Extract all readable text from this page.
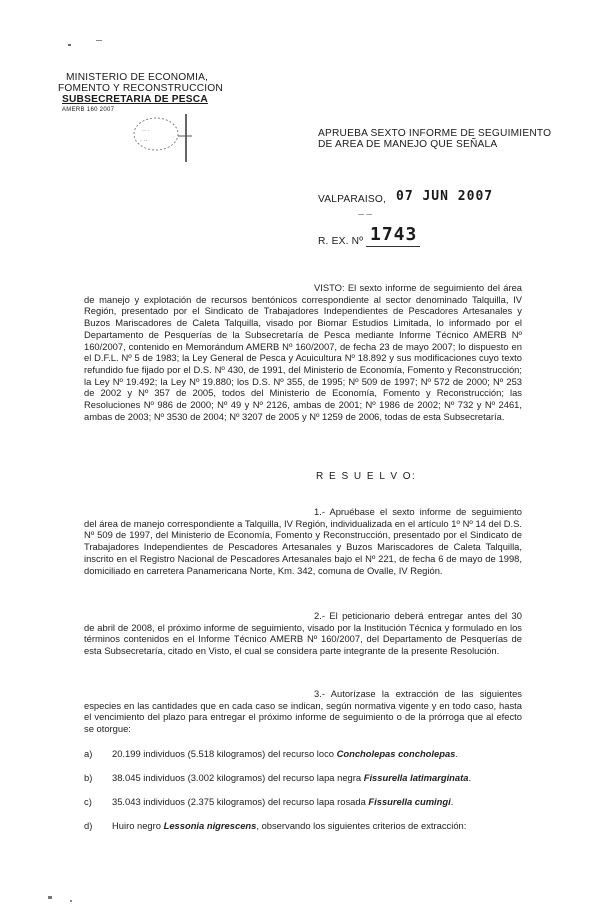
MINISTERIO DE ECONOMIA,
FOMENTO Y RECONSTRUCCION
SUBSECRETARIA DE PESCA
AMERB 160 2007
·· ·
· ··
APRUEBA SEXTO INFORME DE SEGUIMIENTO
DE AREA DE MANEJO QUE SEÑALA
VALPARAISO, 07 JUN 2007
— —
R. EX. Nº 1743

VISTO: El sexto informe de seguimiento del área de manejo y explotación de recursos bentónicos correspondiente al sector denominado Talquilla, IV Región, presentado por el Sindicato de Trabajadores Independientes de Pescadores Artesanales y Buzos Mariscadores de Caleta Talquilla, visado por Biomar Estudios Limitada, lo informado por el Departamento de Pesquerías de la Subsecretaría de Pesca mediante Informe Técnico AMERB Nº 160/2007, contenido en Memorándum AMERB Nº 160/2007, de fecha 23 de mayo 2007; lo dispuesto en el D.F.L. Nº 5 de 1983; la Ley General de Pesca y Acuicultura Nº 18.892 y sus modificaciones cuyo texto refundido fue fijado por el D.S. Nº 430, de 1991, del Ministerio de Economía, Fomento y Reconstrucción; la Ley Nº 19.492; la Ley Nº 19.880; los D.S. Nº 355, de 1995; Nº 509 de 1997; Nº 572 de 2000; Nº 253 de 2002 y Nº 357 de 2005, todos del Ministerio de Economía, Fomento y Reconstrucción; las Resoluciones Nº 986 de 2000; Nº 49 y Nº 2126, ambas de 2001; Nº 1986 de 2002; Nº 732 y Nº 2461, ambas de 2003; Nº 3530 de 2004; Nº 3207 de 2005 y Nº 1259 de 2006, todas de esta Subsecretaría.

R E S U E L V O:

1.- Apruébase el sexto informe de seguimiento del área de manejo correspondiente a Talquilla, IV Región, individualizada en el artículo 1º Nº 14 del D.S. Nº 509 de 1997, del Ministerio de Economía, Fomento y Reconstrucción, presentado por el Sindicato de Trabajadores Independientes de Pescadores Artesanales y Buzos Mariscadores de Caleta Talquilla, inscrito en el Registro Nacional de Pescadores Artesanales bajo el Nº 221, de fecha 6 de mayo de 1998, domiciliado en carretera Panamericana Norte, Km. 342, comuna de Ovalle, IV Región.

2.- El peticionario deberá entregar antes del 30 de abril de 2008, el próximo informe de seguimiento, visado por la Institución Técnica y formulado en los términos contenidos en el Informe Técnico AMERB Nº 160/2007, del Departamento de Pesquerías de esta Subsecretaría, citado en Visto, el cual se considera parte integrante de la presente Resolución.

3.- Autorízase la extracción de las siguientes especies en las cantidades que en cada caso se indican, según normativa vigente y en todo caso, hasta el vencimiento del plazo para entregar el próximo informe de seguimiento o de la prórroga que al efecto se otorgue:

a) 20.199 individuos (5.518 kilogramos) del recurso loco Concholepas concholepas.
b) 38.045 individuos (3.002 kilogramos) del recurso lapa negra Fissurella latimarginata.
c) 35.043 individuos (2.375 kilogramos) del recurso lapa rosada Fissurella cumingi.
d) Huiro negro Lessonia nigrescens, observando los siguientes criterios de extracción:
